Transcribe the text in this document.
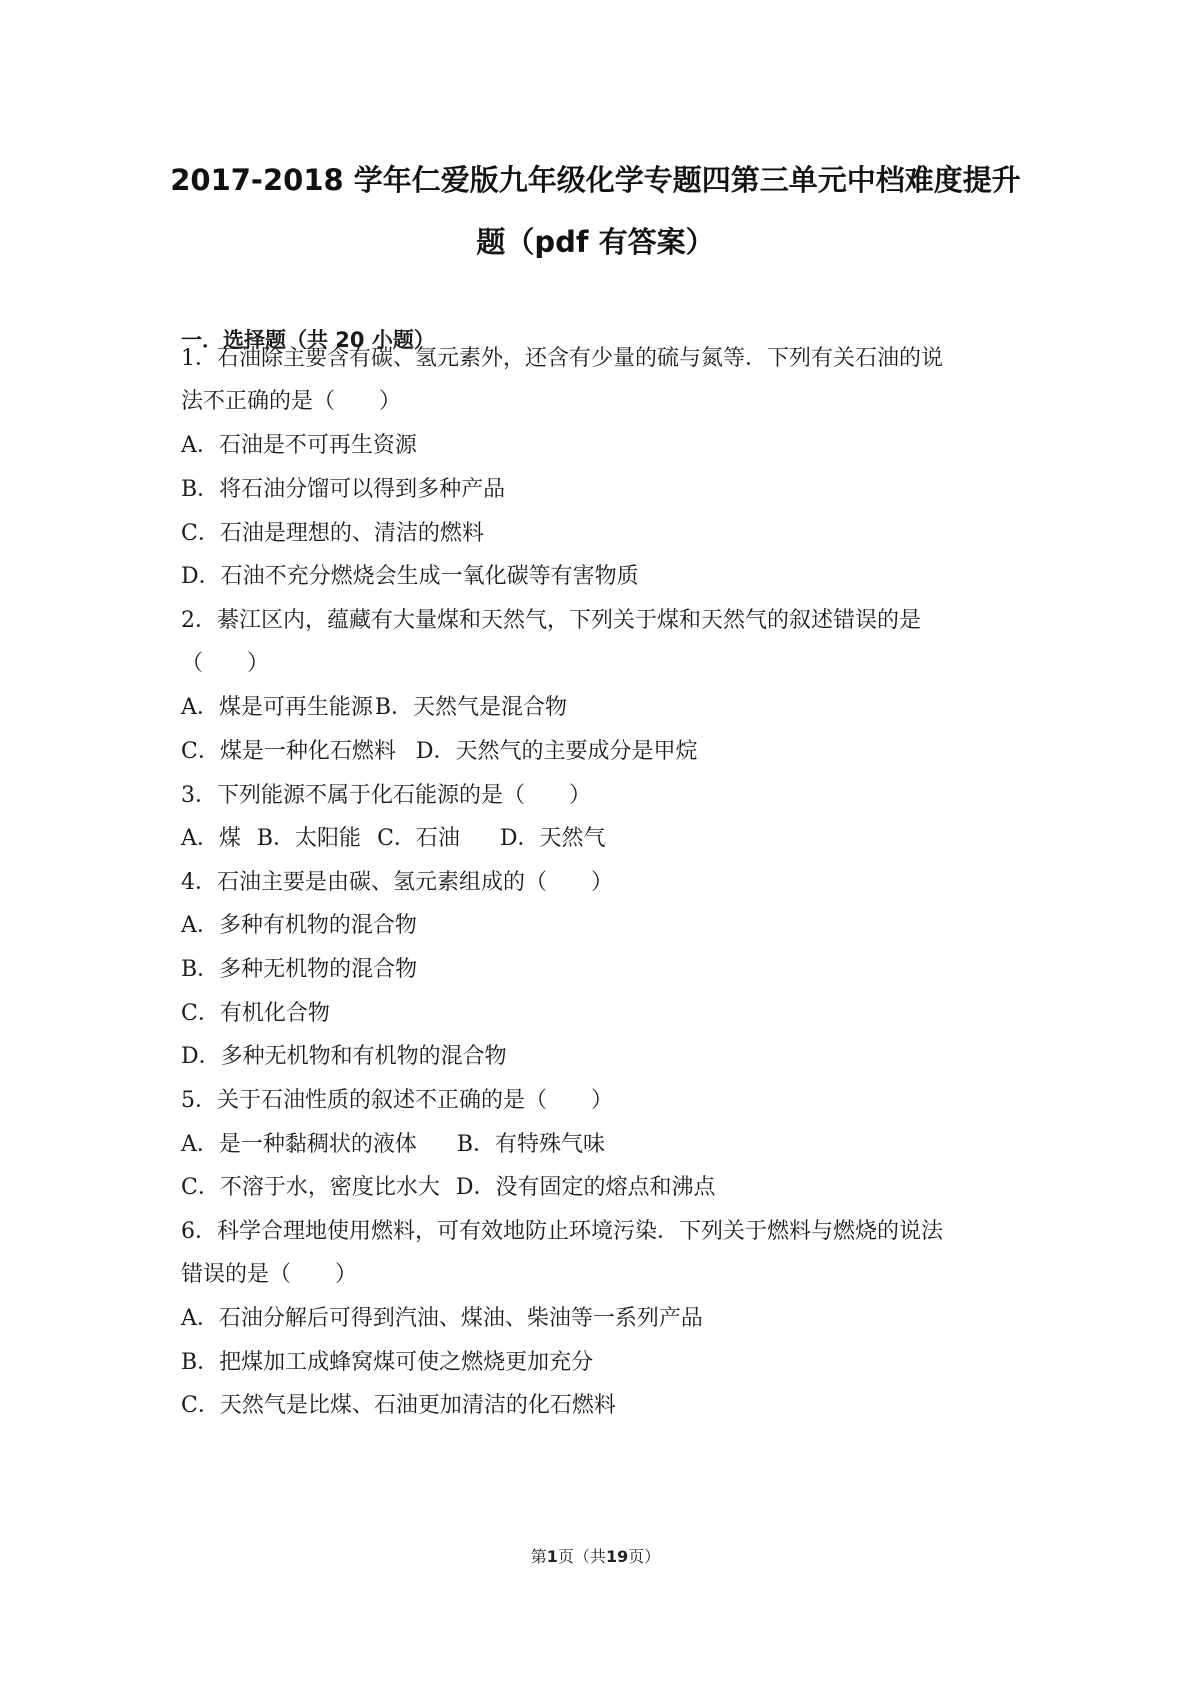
2017-2018 学年仁爱版九年级化学专题四第三单元中档难度提升
题（pdf 有答案）
一．选择题（共 20 小题）
1．石油除主要含有碳、氢元素外，还含有少量的硫与氮等．下列有关石油的说
法不正确的是（　　）
A．石油是不可再生资源
B．将石油分馏可以得到多种产品
C．石油是理想的、清洁的燃料
D．石油不充分燃烧会生成一氧化碳等有害物质
2．綦江区内，蕴藏有大量煤和天然气，下列关于煤和天然气的叙述错误的是
（　　）
A．煤是可再生能源B．天然气是混合物
C．煤是一种化石燃料 D．天然气的主要成分是甲烷
3．下列能源不属于化石能源的是（　　）
A．煤 B．太阳能 C．石油 D．天然气
4．石油主要是由碳、氢元素组成的（　　）
A．多种有机物的混合物
B．多种无机物的混合物
C．有机化合物
D．多种无机物和有机物的混合物
5．关于石油性质的叙述不正确的是（　　）
A．是一种黏稠状的液体 B．有特殊气味
C．不溶于水，密度比水大 D．没有固定的熔点和沸点
6．科学合理地使用燃料，可有效地防止环境污染．下列关于燃料与燃烧的说法
错误的是（　　）
A．石油分解后可得到汽油、煤油、柴油等一系列产品
B．把煤加工成蜂窝煤可使之燃烧更加充分
C．天然气是比煤、石油更加清洁的化石燃料
第1页（共19页）
